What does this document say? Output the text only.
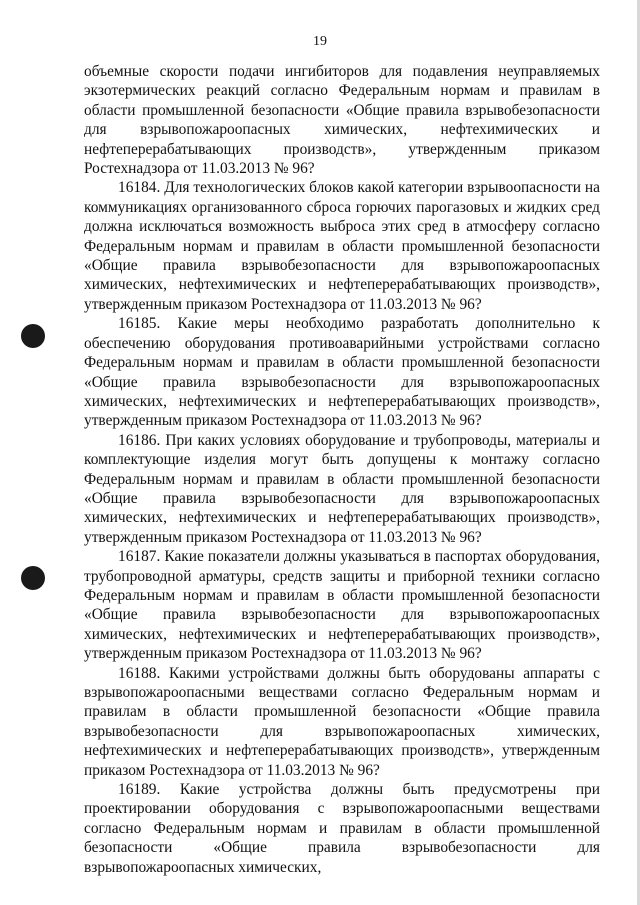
19

объемные скорости подачи ингибиторов для подавления неуправляемых экзотермических реакций согласно Федеральным нормам и правилам в области промышленной безопасности «Общие правила взрывобезопасности для взрывопожароопасных химических, нефтехимических и нефтеперерабатывающих производств», утвержденным приказом Ростехнадзора от 11.03.2013 № 96?

16184. Для технологических блоков какой категории взрывоопасности на коммуникациях организованного сброса горючих парогазовых и жидких сред должна исключаться возможность выброса этих сред в атмосферу согласно Федеральным нормам и правилам в области промышленной безопасности «Общие правила взрывобезопасности для взрывопожароопасных химических, нефтехимических и нефтеперерабатывающих производств», утвержденным приказом Ростехнадзора от 11.03.2013 № 96?

16185. Какие меры необходимо разработать дополнительно к обеспечению оборудования противоаварийными устройствами согласно Федеральным нормам и правилам в области промышленной безопасности «Общие правила взрывобезопасности для взрывопожароопасных химических, нефтехимических и нефтеперерабатывающих производств», утвержденным приказом Ростехнадзора от 11.03.2013 № 96?

16186. При каких условиях оборудование и трубопроводы, материалы и комплектующие изделия могут быть допущены к монтажу согласно Федеральным нормам и правилам в области промышленной безопасности «Общие правила взрывобезопасности для взрывопожароопасных химических, нефтехимических и нефтеперерабатывающих производств», утвержденным приказом Ростехнадзора от 11.03.2013 № 96?

16187. Какие показатели должны указываться в паспортах оборудования, трубопроводной арматуры, средств защиты и приборной техники согласно Федеральным нормам и правилам в области промышленной безопасности «Общие правила взрывобезопасности для взрывопожароопасных химических, нефтехимических и нефтеперерабатывающих производств», утвержденным приказом Ростехнадзора от 11.03.2013 № 96?

16188. Какими устройствами должны быть оборудованы аппараты с взрывопожароопасными веществами согласно Федеральным нормам и правилам в области промышленной безопасности «Общие правила взрывобезопасности для взрывопожароопасных химических, нефтехимических и нефтеперерабатывающих производств», утвержденным приказом Ростехнадзора от 11.03.2013 № 96?

16189. Какие устройства должны быть предусмотрены при проектировании оборудования с взрывопожароопасными веществами согласно Федеральным нормам и правилам в области промышленной безопасности «Общие правила взрывобезопасности для взрывопожароопасных химических,
